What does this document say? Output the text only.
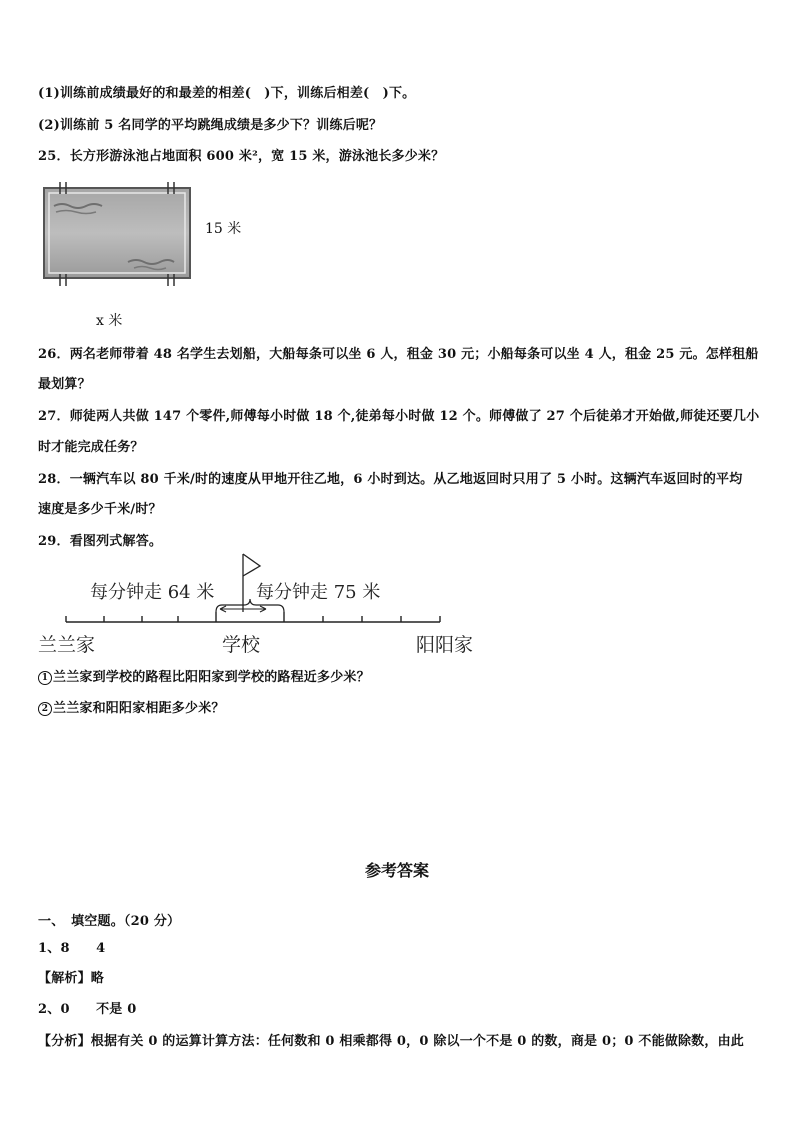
(1)训练前成绩最好的和最差的相差(　)下，训练后相差(　)下。
(2)训练前 5 名同学的平均跳绳成绩是多少下？训练后呢？
25．长方形游泳池占地面积 600 米²，宽 15 米，游泳池长多少米？
15 米
x 米
26．两名老师带着 48 名学生去划船，大船每条可以坐 6 人，租金 30 元；小船每条可以坐 4 人，租金 25 元。怎样租船
最划算？
27．师徒两人共做 147 个零件,师傅每小时做 18 个,徒弟每小时做 12 个。师傅做了 27 个后徒弟才开始做,师徒还要几小
时才能完成任务？
28．一辆汽车以 80 千米/时的速度从甲地开往乙地，6 小时到达。从乙地返回时只用了 5 小时。这辆汽车返回时的平均
速度是多少千米/时？
29．看图列式解答。
每分钟走 64 米 每分钟走 75 米
兰兰家	学校	阳阳家
1 兰兰家到学校的路程比阳阳家到学校的路程近多少米？
2 兰兰家和阳阳家相距多少米？
参考答案
一、　填空题。（20 分）
1、8　　4
【解析】略
2、0　　不是 0
【分析】根据有关 0 的运算计算方法：任何数和 0 相乘都得 0，0 除以一个不是 0 的数，商是 0；0 不能做除数，由此
